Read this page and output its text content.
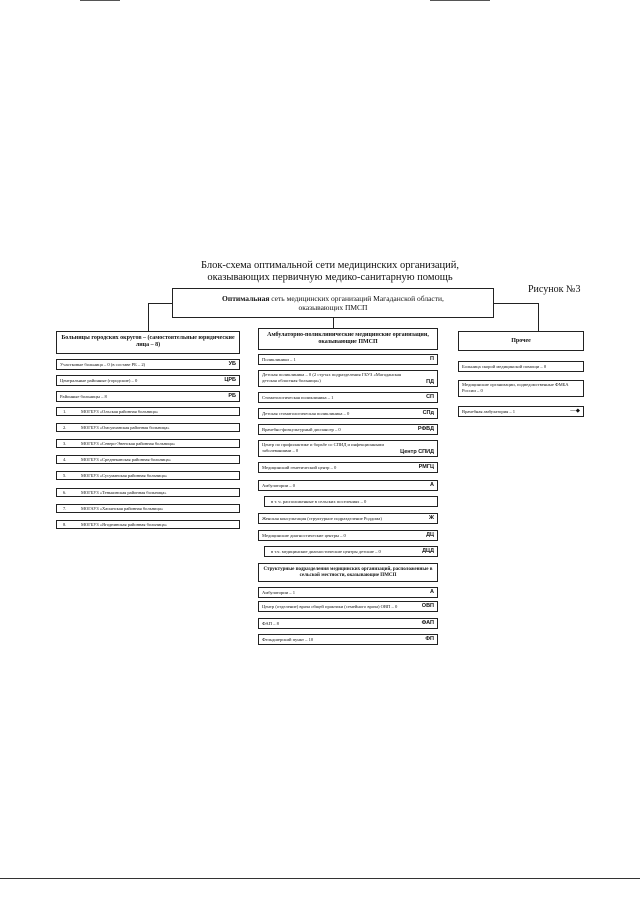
Блок-схема оптимальной сети медицинских организаций,
оказывающих первичную медико-санитарную помощь
Рисунок №3
Оптимальная сеть медицинских организаций Магаданской области,
оказывающих ПМСП
Больницы городских округов – (самостоятельные юридические лица – 8)
Участковые больница – 0 (в составе РБ – 2)	УБ
Центральные районные (городские) – 0	ЦРБ
Районные больницы – 8	РБ
1.	МОГБУЗ «Ольская районная больница»
2.	МОГБУЗ «Омсукчанская районная больница»
3.	МОГБУЗ «Северо-Эвенская районная больница»
4.	МОГБУЗ «Среднеканская районная больница»
5.	МОГБУЗ «Сусуманская районная больница»
6.	МОГБУЗ «Тенькинская районная больница»
7.	МОГАУЗ «Хасынская районная больница»
8.	МОГБУЗ «Ягоднинская районная больница»
Амбулаторно-поликлинические медицинские организации, оказывающие ПМСП
Поликлиники – 1	П
Детская поликлиника – 0 (2 стр-ых подразделения ГБУЗ «Магаданская детская областная больница»)	ПД
Стоматологическая поликлиника – 1	СП
Детская стоматологическая поликлиника – 0	СПд
Врачебно-физкультурный диспансер – 0	РФВД
Центр по профилактике и борьбе со СПИД и инфекционными заболеваниями – 0	Центр СПИД
Медицинский генетический центр – 0	РМГЦ
Амбулатории – 0	А
в т. ч. расположенные в сельских поселениях – 0
Женская консультация (структурное подразделение Роддома)	Ж
Медицинские диагностические центры – 0	ДЦ
в т.ч. медицинские диагностические центры детские – 0	ДЦД
Структурные подразделения медицинских организаций, расположенные в сельской местности, оказывающие ПМСП
Амбулатории – 1	А
Центр (отделение) врача общей практики (семейного врача) ОВП – 0	ОВП
ФАП – 8	ФАП
Фельдшерский пункт – 10	ФП
Прочее
Больница скорой медицинской помощи – 0
Медицинские организации, подведомственные ФМБА России – 0
Врачебная амбулатория – 1	—◆
